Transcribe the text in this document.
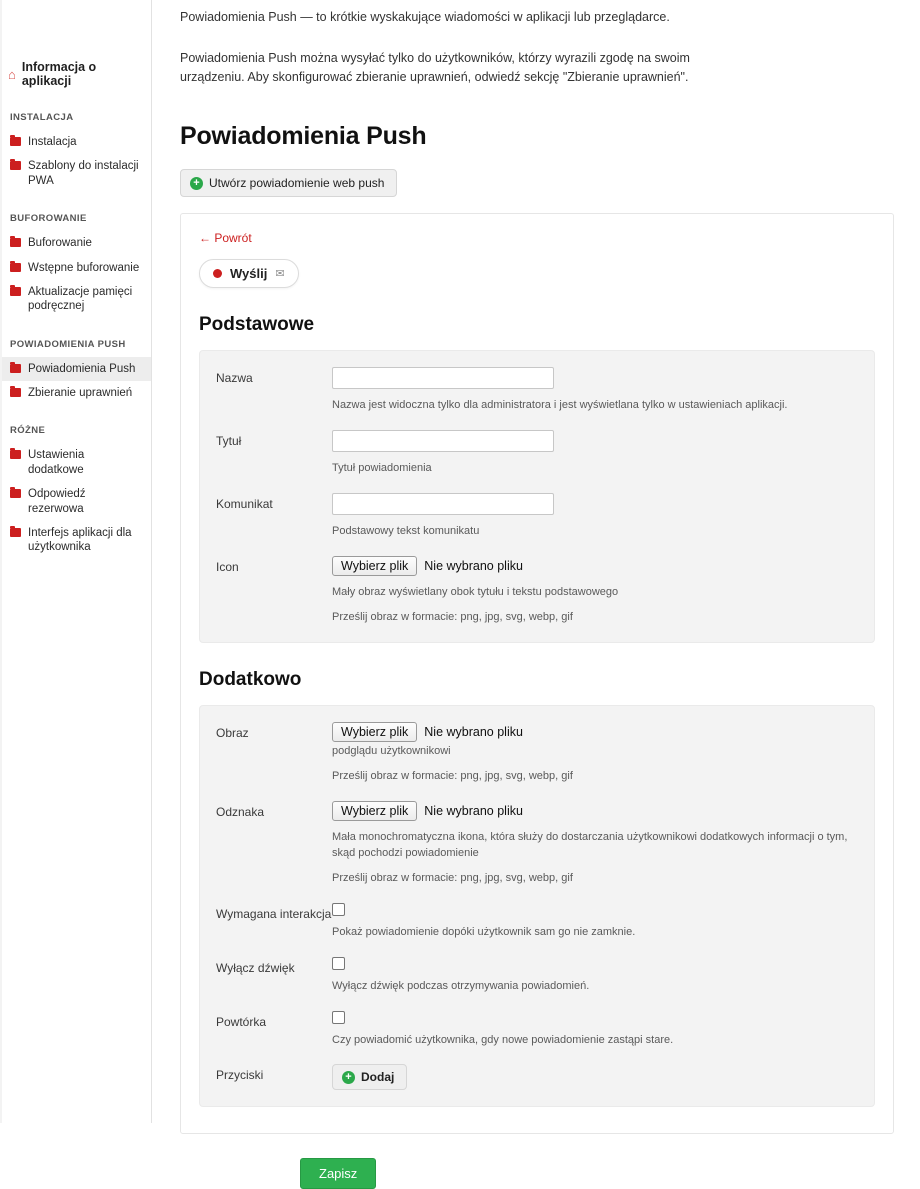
⌂ Informacja o aplikacji
INSTALACJA
Instalacja
Szablony do instalacji PWA
BUFOROWANIE
Buforowanie
Wstępne buforowanie
Aktualizacje pamięci podręcznej
POWIADOMIENIA PUSH
Powiadomienia Push
Zbieranie uprawnień
RÓŻNE
Ustawienia dodatkowe
Odpowiedź rezerwowa
Interfejs aplikacji dla użytkownika

Powiadomienia Push — to krótkie wyskakujące wiadomości w aplikacji lub przeglądarce.

Powiadomienia Push można wysyłać tylko do użytkowników, którzy wyrazili zgodę na swoim urządzeniu. Aby skonfigurować zbieranie uprawnień, odwiedź sekcję "Zbieranie uprawnień".

Powiadomienia Push
+ Utwórz powiadomienie web push
← Powrót
Wyślij ✉
Podstawowe
Nazwa
Nazwa jest widoczna tylko dla administratora i jest wyświetlana tylko w ustawieniach aplikacji.
Tytuł
Tytuł powiadomienia
Komunikat
Podstawowy tekst komunikatu
Icon	Wybierz plik	Nie wybrano pliku
Mały obraz wyświetlany obok tytułu i tekstu podstawowego
Prześlij obraz w formacie: png, jpg, svg, webp, gif
Dodatkowo
Obraz	Wybierz plik	Nie wybrano pliku
podglądu użytkownikowi
Prześlij obraz w formacie: png, jpg, svg, webp, gif
Odznaka	Wybierz plik	Nie wybrano pliku
Mała monochromatyczna ikona, która służy do dostarczania użytkownikowi dodatkowych informacji o tym, skąd pochodzi powiadomienie
Prześlij obraz w formacie: png, jpg, svg, webp, gif
Wymagana interakcja
Pokaż powiadomienie dopóki użytkownik sam go nie zamknie.
Wyłącz dźwięk
Wyłącz dźwięk podczas otrzymywania powiadomień.
Powtórka
Czy powiadomić użytkownika, gdy nowe powiadomienie zastąpi stare.
Przyciski	+ Dodaj
Zapisz
